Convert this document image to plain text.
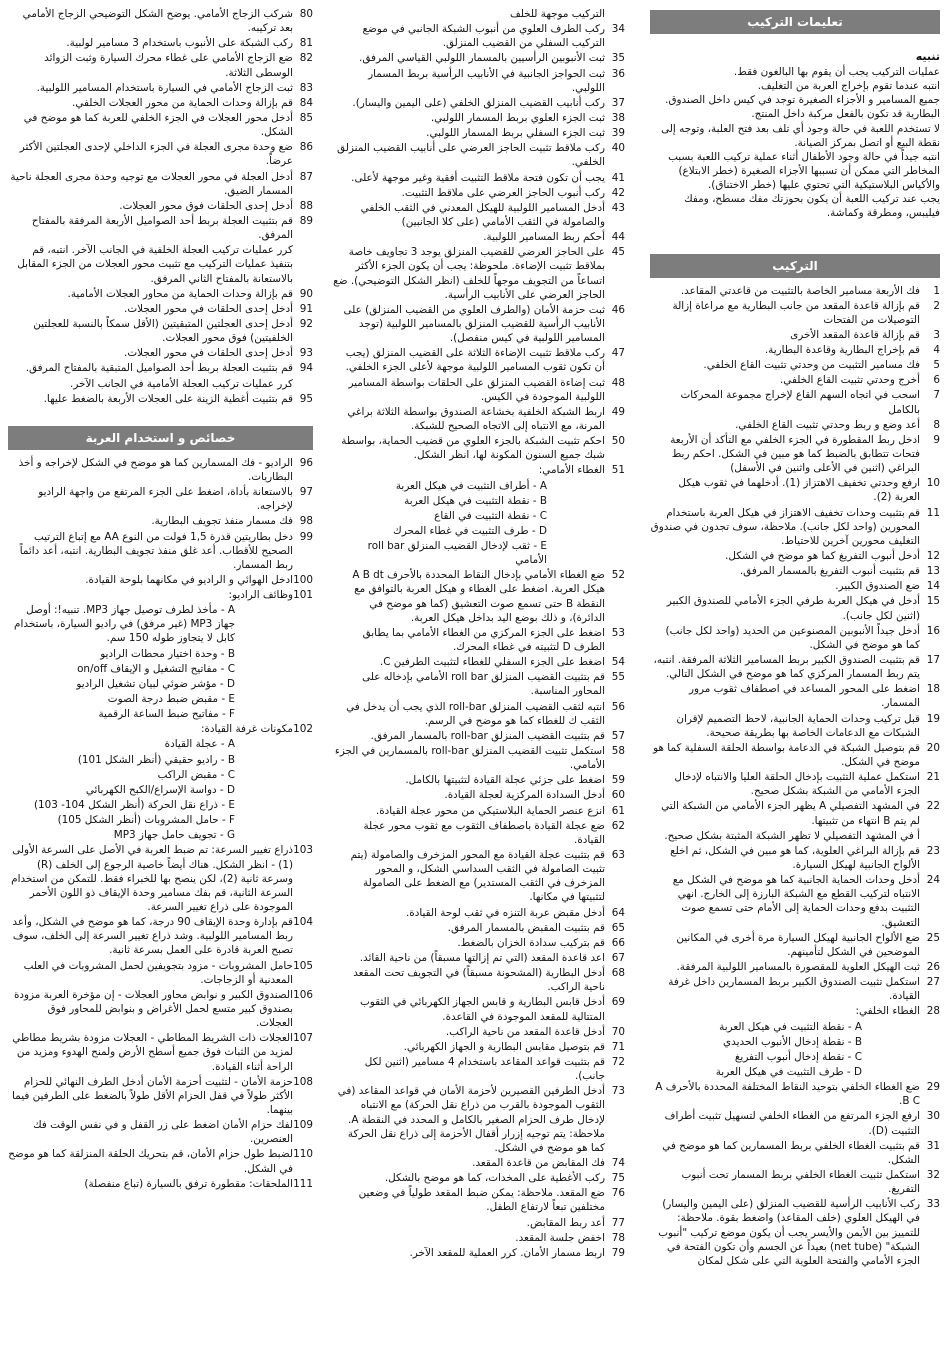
تعليمات التركيب
تنبيه

عمليات التركيب يجب أن يقوم بها البالغون فقط.

انتبه عندما تقوم بإخراج العربة من التغليف.

جميع المسامير و الأجزاء الصغيرة توجد في كيس داخل الصندوق.

البطارية قد تكون بالفعل مركبة داخل المنتج.

لا تستخدم اللعبة في حالة وجود أي تلف بعد فتح العلبة، وتوجه إلى نقطة البيع أو اتصل بمركز الصيانة.

انتبه جيداً في حالة وجود الأطفال أثناء عملية تركيب اللعبة بسبب المخاطر التي ممكن أن تسببها الأجزاء الصغيرة (خطر الابتلاع) والأكياس البلاستيكية التي تحتوي عليها (خطر الاختناق).

يجب عند تركيب اللعبة أن يكون بحوزتك مفك مسطح، ومفك فيليبس، ومطرقة وكماشة.

التركيب
1
فك الأربعة مسامير الخاصة بالتثبيت من قاعدتي المقاعد.
2
قم بإزالة قاعدة المقعد من جانب البطارية مع مراعاة إزالة التوصيلات من الفتحات
3
قم بإزالة قاعدة المقعد الأخرى
4
قم بإخراج البطارية وقاعدة البطارية.
5
فك مسامير التثبيت من وحدتي تثبيت القاع الخلفي.
6
أخرج وحدتي تثبيت القاع الخلفي.
7
اسحب في اتجاه السهم القاع لإخراج مجموعة المحركات بالكامل
8
أعد وضع و ربط وحدتي تثبيت القاع الخلفي.
9
ادخل ربط المقطورة في الجزء الخلفي مع التأكد أن الأربعة فتحات تتطابق بالضبط كما هو مبين في الشكل. احكم ربط البراغي (اثنين في الأعلى واثنين في الأسفل)
10
ارفع وحدتي تخفيف الاهتزاز (1). أدخلهما في ثقوب هيكل العربة (2).
11
قم بتثبيت وحدات تخفيف الاهتزاز في هيكل العربة باستخدام المحورين (واحد لكل جانب). ملاحظة، سوف تجدون في صندوق التغليف محورين آخرين للاحتياط.
12
أدخل أنبوب التفريغ كما هو موضح في الشكل.
13
قم بتثبيت أنبوب التفريغ بالمسمار المرفق.
14
ضع الصندوق الكبير.
15
أدخل في هيكل العربة طرفي الجزء الأمامي للصندوق الكبير (اثنين لكل جانب).
16
أدخل جيداً الأنبوبين المصنوعين من الحديد (واحد لكل جانب) كما هو موضح في الشكل.
17
قم بتثبيت الصندوق الكبير بربط المسامير الثلاثة المرفقة. انتبه، يتم ربط المسمار المركزي كما هو موضح في الشكل التالي.
18
اضغط على المحور المساعد في اصطفاف ثقوب مرور المسمار.
19
قبل تركيب وحدات الحماية الجانبية، لاحظ التصميم لإقران الشبكات مع الدعامات الخاصة بها بطريقة صحيحة.
20
قم بتوصيل الشبكة في الدعامة بواسطة الحلقة السفلية كما هو موضح في الشكل.
21
استكمل عملية التثبيت بإدخال الحلقة العليا والانتباه لإدخال الجزء الأمامي من الشبكة بشكل صحيح.
22
في المشهد التفصيلي A يظهر الجزء الأمامي من الشبكة التي لم يتم B انتهاء من تثبيتها.
أ في المشهد التفصيلي لا تظهر الشبكة المثبتة بشكل صحيح.
23
قم بإزالة البراغي العلوية، كما هو مبين في الشكل، ثم اخلع الألواح الجانبية لهيكل السيارة.
24
أدخل وحدات الحماية الجانبية كما هو موضح في الشكل مع الانتباه لتركيب القطع مع الشبكة البارزة إلى الخارج. انهي التثبيت بدفع وحدات الحماية إلى الأمام حتى تسمع صوت التعشيق.
25
ضع الألواح الجانبية لهيكل السيارة مرة أخرى في المكانين الموضحين في الشكل لتأمينهم.
26
ثبت الهيكل العلوية للمقصورة بالمسامير اللولبية المرفقة.
27
استكمل تثبيت الصندوق الكبير بربط المسمارين داخل غرفة القيادة.
28
الغطاء الخلفي:
A - نقطة التثبيت في هيكل العربة
B - نقطة إدخال الأنبوب الحديدي
C - نقطة إدخال أنبوب التفريغ
D - طرف التثبيت في هيكل العربة
29
ضع الغطاء الخلفي بتوحيد النقاط المختلفة المحددة بالأحرف A B C.
30
ارفع الجزء المرتفع من الغطاء الخلفي لتسهيل تثبيت أطراف التثبيت (D).
31
قم بتثبيت الغطاء الخلفي بربط المسمارين كما هو موضح في الشكل.
32
استكمل تثبيت الغطاء الخلفي بربط المسمار تحت أنبوب التفريغ.
33
ركب الأنابيب الرأسية للقضيب المنزلق (على اليمين واليسار) في الهيكل العلوي (خلف المقاعد) واضغط بقوة. ملاحظة: للتمييز بين الأيمن والأيسر يجب أن يكون موضع تركيب "أنبوب الشبكة" (net tube) بعيداً عن الجسم وأن تكون الفتحة في الجزء الأمامي والفتحة العلوية التي على شكل لمكان
التركيب موجهة للخلف
34
ركب الطرف العلوي من أنبوب الشبكة الجانبي في موضع التركيب السفلي من القضيب المنزلق.
35
ثبت الأنبوبين الرأسيين بالمسمار اللولبي القياسي المرفق.
36
ثبت الحواجز الجانبية في الأنابيب الرأسية بربط المسمار اللولبي.
37
ركب أنابيب القضيب المنزلق الخلفي (على اليمين واليسار).
38
ثبت الجزء العلوي بربط المسمار اللولبي.
39
ثبت الجزء السفلي بربط المسمار اللولبي.
40
ركب ملاقط تثبيت الحاجز العرضي على أنابيب القضيب المنزلق الخلفي.
41
يجب أن تكون فتحة ملاقط التثبيت أفقية وغير موجهة لأعلى.
42
ركب أنبوب الحاجز العرضي على ملاقط التثبيت.
43
أدخل المسامير اللولبية للهيكل المعدني في الثقب الخلفي والصامولة في الثقب الأمامي (على كلا الجانبين)
44
أحكم ربط المسامير اللولبية.
45
على الحاجز العرضي للقضيب المنزلق يوجد 3 تجاويف خاصة بملاقط تثبيت الإضاءة. ملحوظة: يجب أن يكون الجزء الأكثر اتساعاً من التجويف موجهاً للخلف (انظر الشكل التوضيحي). ضع الحاجز العرضي على الأنابيب الرأسية.
46
ثبت حزمة الأمان (والطرف العلوي من القضيب المنزلق) على الأنابيب الرأسية للقضيب المنزلق بالمسامير اللولبية (توجد المسامير اللولبية في كيس منفصل).
47
ركب ملاقط تثبيت الإضاءة الثلاثة على القضيب المنزلق (يجب أن تكون ثقوب المسامير اللولبية موجهة لأعلى الجزء الخلفي.
48
ثبت إضاءة القضيب المنزلق على الحلقات بواسطة المسامير اللولبية الموجودة في الكيس.
49
اربط الشبكة الخلفية بخشاعة الصندوق بواسطة الثلاثة براغي المرنة، مع الانتباه إلى الاتجاه الصحيح للشبكة.
50
احكم تثبيت الشبكة بالجزء العلوي من قضيب الحماية، بواسطة شبك جميع السنون المكونة لها، انظر الشكل.
51
الغطاء الأمامي:
A - أطراف التثبيت في هيكل العربة
B - نقطة التثبيت في هيكل العربة
C - نقطة التثبيت في القاع
D - طرف التثبيت في غطاء المحرك
E - ثقب لإدخال القضيب المنزلق roll bar الأمامي
52
ضع الغطاء الأمامي بإدخال النقاط المحددة بالأحرف A B dt هيكل العربة. اضغط على الغطاء و هيكل العربة بالتوافق مع النقطة B حتى تسمع صوت التعشيق (كما هو موضح في الدائرة)، و ذلك بوضع اليد بداخل هيكل العربة.
53
اضغط على الجزء المركزي من الغطاء الأمامي بما يطابق الطرف D لتثبيته في غطاء المحرك.
54
اضغط على الجزء السفلي للغطاء لتثبيت الطرفين C.
55
قم بتثبيت القضيب المنزلق roll bar الأمامي بإدخاله على المحاور المناسبة.
56
انتبه لثقب القضيب المنزلق roll-bar الذي يجب أن يدخل في الثقب ك للغطاء كما هو موضح في الرسم.
57
قم بتثبيت القضيب المنزلق roll-bar بالمسمار المرفق.
58
استكمل تثبيت القضيب المنزلق roll-bar بالمسمارين في الجزء الأمامي.
59
اضغط على جزئي عجلة القيادة لتثبيتها بالكامل.
60
أدخل السدادة المركزية لعجلة القيادة.
61
انزع عنصر الحماية البلاستيكي من محور عجلة القيادة.
62
ضع عجلة القيادة باصطفاف الثقوب مع ثقوب محور عجلة القيادة.
63
قم بتثبيت عجلة القيادة مع المحور المزخرف والصامولة (يتم تثبيت الصامولة في الثقب السداسي الشكل، و المحور المزخرف في الثقب المستدير) مع الضغط على الصامولة لتثبيتها في مكانها.
64
أدخل مقبض عربة التنزه في ثقب لوحة القيادة.
65
قم بتثبيت المقبض بالمسمار المرفق.
66
قم بتركيب سدادة الخزان بالضغط.
67
اعد قاعدة المقعد (التي تم إزالتها مسبقاً) من ناحية القائد.
68
أدخل البطارية (المشحونة مسبقاً) في التجويف تحت المقعد ناحية الراكب.
69
أدخل قابس البطارية و قابس الجهاز الكهربائي في الثقوب المتتالية للمقعد الموجودة في القاعدة.
70
أدخل قاعدة المقعد من ناحية الراكب.
71
قم بتوصيل مقابس البطارية و الجهاز الكهربائي.
72
قم بتثبيت قواعد المقاعد باستخدام 4 مسامير (اثنين لكل جانب).
73
أدخل الطرفين القصيرين لأحزمة الأمان في قواعد المقاعد (في الثقوب الموجودة بالقرب من ذراع نقل الحركة) مع الانتباه لإدخال طرف الحزام الصغير بالكامل و المحدد في النقطة A. ملاحظة: يتم توجيه إزرار أقفال الأحزمة إلى ذراع نقل الحركة كما هو موضح في الشكل.
74
فك المقابض من قاعدة المقعد.
75
ركب الأغطية على المخدات، كما هو موضح بالشكل.
76
ضع المقعد. ملاحظة: يمكن ضبط المقعد طولياً في وضعين مختلفين تبعاً لارتفاع الطفل.
77
أعد ربط المقابض.
78
اخفض جلسة المقعد.
79
اربط مسمار الأمان. كرر العملية للمقعد الآخر.
80
شركب الزجاج الأمامي. يوضح الشكل التوضيحي الزجاج الأمامي بعد تركيبه.
81
ركب الشبكة على الأنبوب باستخدام 3 مسامير لولبية.
82
ضع الزجاج الأمامي على غطاء محرك السيارة وثبت الزوائد الوسطى الثلاثة.
83
ثبت الزجاج الأمامي في السيارة باستخدام المسامير اللولبية.
84
قم بإزالة وحدات الحماية من محور العجلات الخلفي.
85
أدخل محور العجلات في الجزء الخلفي للعربة كما هو موضح في الشكل.
86
ضع وحدة مجرى العجلة في الجزء الداخلي لإحدى العجلتين الأكثر عرضاً.
87
أدخل العجلة في محور العجلات مع توجيه وحدة مجرى العجلة ناحية المسمار الضيق.
88
أدخل إحدى الحلقات فوق محور العجلات.
89
قم بتثبيت العجلة بربط أحد الصواميل الأربعة المرفقة بالمفتاح المرفق.
كرر عمليات تركيب العجلة الخلفية في الجانب الآخر. انتبه، قم بتنفيذ عمليات التركيب مع تثبيت محور العجلات من الجزء المقابل بالاستعانة بالمفتاح الثاني المرفق.
90
قم بإزالة وحدات الحماية من محاور العجلات الأمامية.
91
أدخل إحدى الحلقات في محور العجلات.
92
أدخل إحدى العجلتين المتبقيتين (الأقل سمكاً بالنسبة للعجلتين الخلفيتين) فوق محور العجلات.
93
أدخل إحدى الحلقات في محور العجلات.
94
قم بتثبيت العجلة بربط أحد الصواميل المتبقية بالمفتاح المرفق.
كرر عمليات تركيب العجلة الأمامية في الجانب الآخر.
95
قم بتثبيت أغطية الزينة على العجلات الأربعة بالضغط عليها.
خصائص و استخدام العربة
96
الراديو - فك المسمارين كما هو موضح في الشكل لإخراجه و أخذ البطاريات.
97
بالاستعانة بأداة، اضغط على الجزء المرتفع من واجهة الراديو لإخراجه.
98
فك مسمار منفذ تجويف البطارية.
99
دخل بطاريتين قدرة 1,5 فولت من النوع AA مع إتباع الترتيب الصحيح للأقطاب. أعد غلق منفذ تجويف البطارية. انتبه، أعد دائماً ربط المسمار.
100
ادخل الهوائي و الراديو في مكانهما بلوحة القيادة.
101
وظائف الراديو:
A - مأخذ لطرف توصيل جهاز MP3. تنبيه!: أوصل جهاز MP3 (غير مرفق) في راديو السيارة، باستخدام كابل لا يتجاوز طوله 150 سم.
B - وحدة اختيار محطات الراديو
C - مفاتيح التشغيل و الإيقاف on/off
D - مؤشر ضوئي لبيان تشغيل الراديو
E - مقبض ضبط درجة الصوت
F - مفاتيح ضبط الساعة الرقمية
102
مكونات غرفة القيادة:
A - عجلة القيادة
B - راديو حقيقي (أنظر الشكل 101)
C - مقبض الراكب
D - دواسة الإسراع/الكبح الكهربائي
E - ذراع نقل الحركة (أنظر الشكل 104- 103)
F - حامل المشروبات (أنظر الشكل 105)
G - تجويف حامل جهاز MP3
103
ذراع تغيير السرعة: تم ضبط العربة في الأصل على السرعة الأولى (1) - انظر الشكل. هناك أيضاً خاصية الرجوع إلى الخلف (R) وسرعة ثانية (2)، لكن ينصح بها للخبراء فقط. للتمكن من استخدام السرعة الثانية، قم بفك مسامير وحدة الإيقاف ذو اللون الأحمر الموجودة على ذراع تغيير السرعة.
104
قم بإدارة وحدة الإيقاف 90 درجة، كما هو موضح في الشكل، وأعد ربط المسامير اللولبية. وشد ذراع تغيير السرعة إلى الخلف، سوف تصبح العربة قادرة على العمل بسرعة ثانية.
105
حامل المشروبات - مزود بتجويفين لحمل المشروبات في العلب المعدنية أو الزجاجات.
106
الصندوق الكبير و نوابض محاور العجلات - إن مؤخرة العربة مزودة بصندوق كبير متسع لحمل الأغراض و بنوابض للمحاور فوق العجلات.
107
العجلات ذات الشريط المطاطي - العجلات مزودة بشريط مطاطي لمزيد من الثبات فوق جميع أسطح الأرض ولمنح الهدوء ومزيد من الراحة أثناء القيادة.
108
حزمة الأمان - لتثبيت أحزمة الأمان أدخل الطرف النهائي للحزام الأكثر طولاً في قفل الحزام الأقل طولاً بالضغط على الطرفين فيما بينهما.
109
لفك حزام الأمان اضغط على زر القفل و في نفس الوقت فك العنصرين.
110
لضبط طول حزام الأمان، قم بتحريك الحلقة المنزلقة كما هو موضح في الشكل.
111
الملحقات: مقطورة ترفق بالسيارة (تباع منفصلة)
